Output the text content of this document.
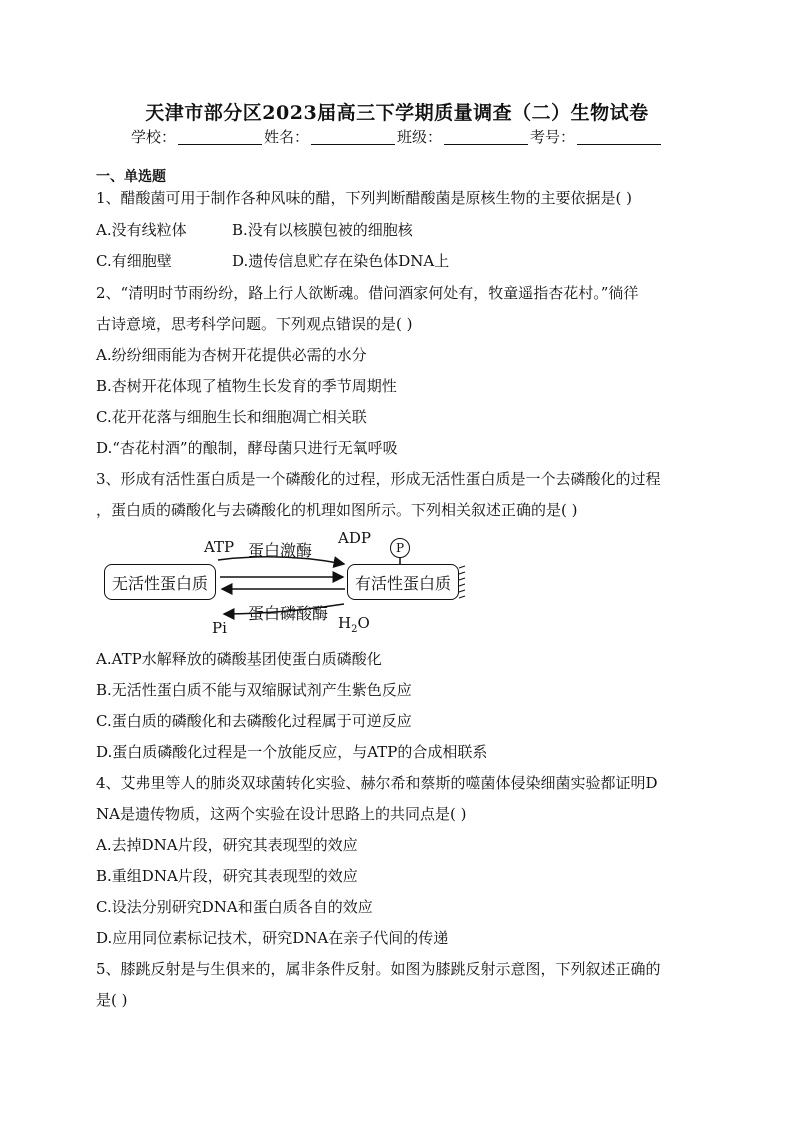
天津市部分区2023届高三下学期质量调查（二）生物试卷
学校：	姓名：	班级：	考号：
一、单选题
1、醋酸菌可用于制作各种风味的醋，下列判断醋酸菌是原核生物的主要依据是( )
A.没有线粒体	B.没有以核膜包被的细胞核
C.有细胞壁	D.遗传信息贮存在染色体DNA上
2、“清明时节雨纷纷，路上行人欲断魂。借问酒家何处有，牧童遥指杏花村。”徜徉
古诗意境，思考科学问题。下列观点错误的是( )
A.纷纷细雨能为杏树开花提供必需的水分
B.杏树开花体现了植物生长发育的季节周期性
C.花开花落与细胞生长和细胞凋亡相关联
D.“杏花村酒”的酿制，酵母菌只进行无氧呼吸
3、形成有活性蛋白质是一个磷酸化的过程，形成无活性蛋白质是一个去磷酸化的过程
，蛋白质的磷酸化与去磷酸化的机理如图所示。下列相关叙述正确的是( )
ATP 蛋白激酶
ADP
P
无活性蛋白质	有活性蛋白质
Pi
蛋白磷酸酶 $H_2O$
A.ATP水解释放的磷酸基团使蛋白质磷酸化
B.无活性蛋白质不能与双缩脲试剂产生紫色反应
C.蛋白质的磷酸化和去磷酸化过程属于可逆反应
D.蛋白质磷酸化过程是一个放能反应，与ATP的合成相联系
4、艾弗里等人的肺炎双球菌转化实验、赫尔希和蔡斯的噬菌体侵染细菌实验都证明D
NA是遗传物质，这两个实验在设计思路上的共同点是( )
A.去掉DNA片段，研究其表现型的效应
B.重组DNA片段，研究其表现型的效应
C.设法分别研究DNA和蛋白质各自的效应
D.应用同位素标记技术，研究DNA在亲子代间的传递
5、膝跳反射是与生俱来的，属非条件反射。如图为膝跳反射示意图，下列叙述正确的
是( )
